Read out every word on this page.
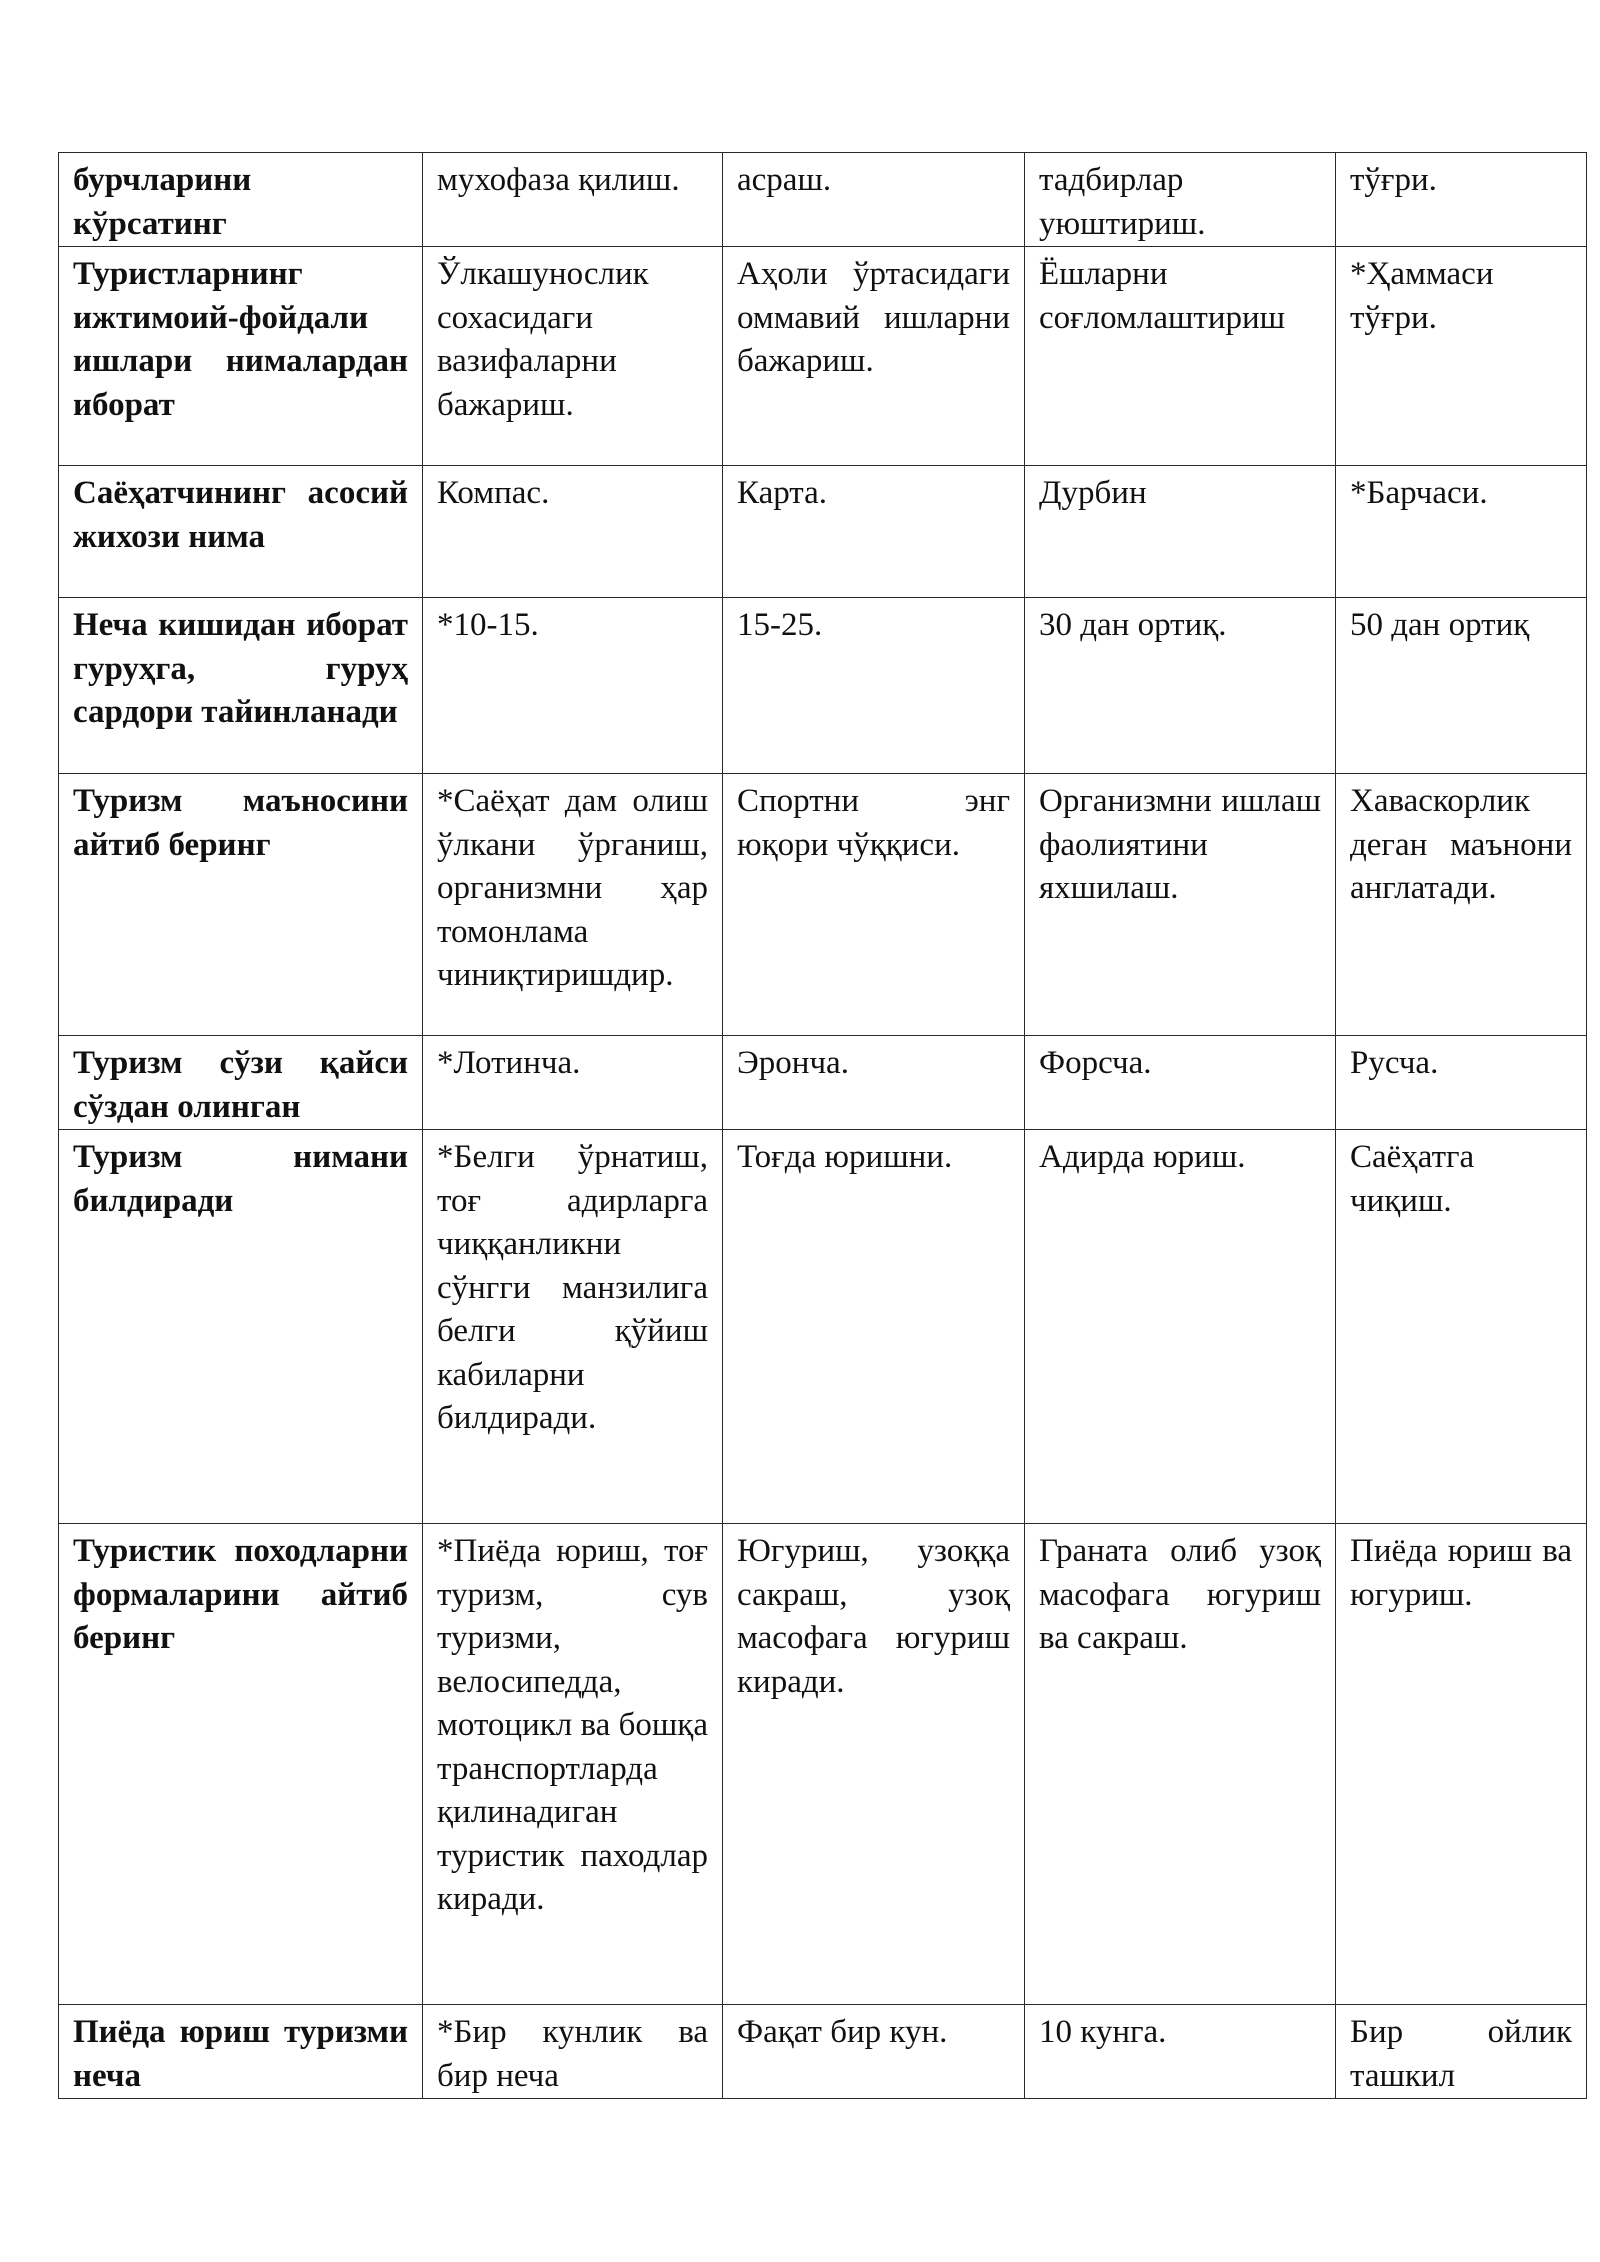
бурчларини кўрсатинг	мухофаза қилиш.	асраш.	тадбирлар уюштириш.	тўғри.
Туристларнинг ижтимоий-фойдали ишлари нималардан иборат	Ўлкашунослик сохасидаги вазифаларни бажариш.	Аҳоли ўртасидаги оммавий ишларни бажариш.	Ёшларни соғломлаштириш	*Ҳаммаси тўғри.
Саёҳатчининг асосий жихози нима	Компас.	Карта.	Дурбин	*Барчаси.
Неча кишидан иборат гуруҳга, гуруҳ сардори тайинланади	*10-15.	15-25.	30 дан ортиқ.	50 дан ортиқ
Туризм маъносини айтиб беринг	*Саёҳат дам олиш ўлкани ўрганиш, организмни ҳар томонлама чиниқтиришдир.	Спортни энг юқори чўққиси.	Организмни ишлаш фаолиятини яхшилаш.	Хаваскорлик деган маънони англатади.
Туризм сўзи қайси сўздан олинган	*Лотинча.	Эронча.	Форсча.	Русча.
Туризм нимани билдиради	*Белги ўрнатиш, тоғ адирларга чиққанликни сўнгги манзилига белги қўйиш кабиларни билдиради.	Тоғда юришни.	Адирда юриш.	Саёҳатга чиқиш.
Туристик походларни формаларини айтиб беринг	*Пиёда юриш, тоғ туризм, сув туризми, велосипедда, мотоцикл ва бошқа транспортларда қилинадиган туристик паходлар киради.	Югуриш, узоққа сакраш, узоқ масофага югуриш киради.	Граната олиб узоқ масофага югуриш ва сакраш.	Пиёда юриш ва югуриш.
Пиёда юриш туризми неча	*Бир кунлик ва бир неча	Фақат бир кун.	10 кунга.	Бир ойлик ташкил
